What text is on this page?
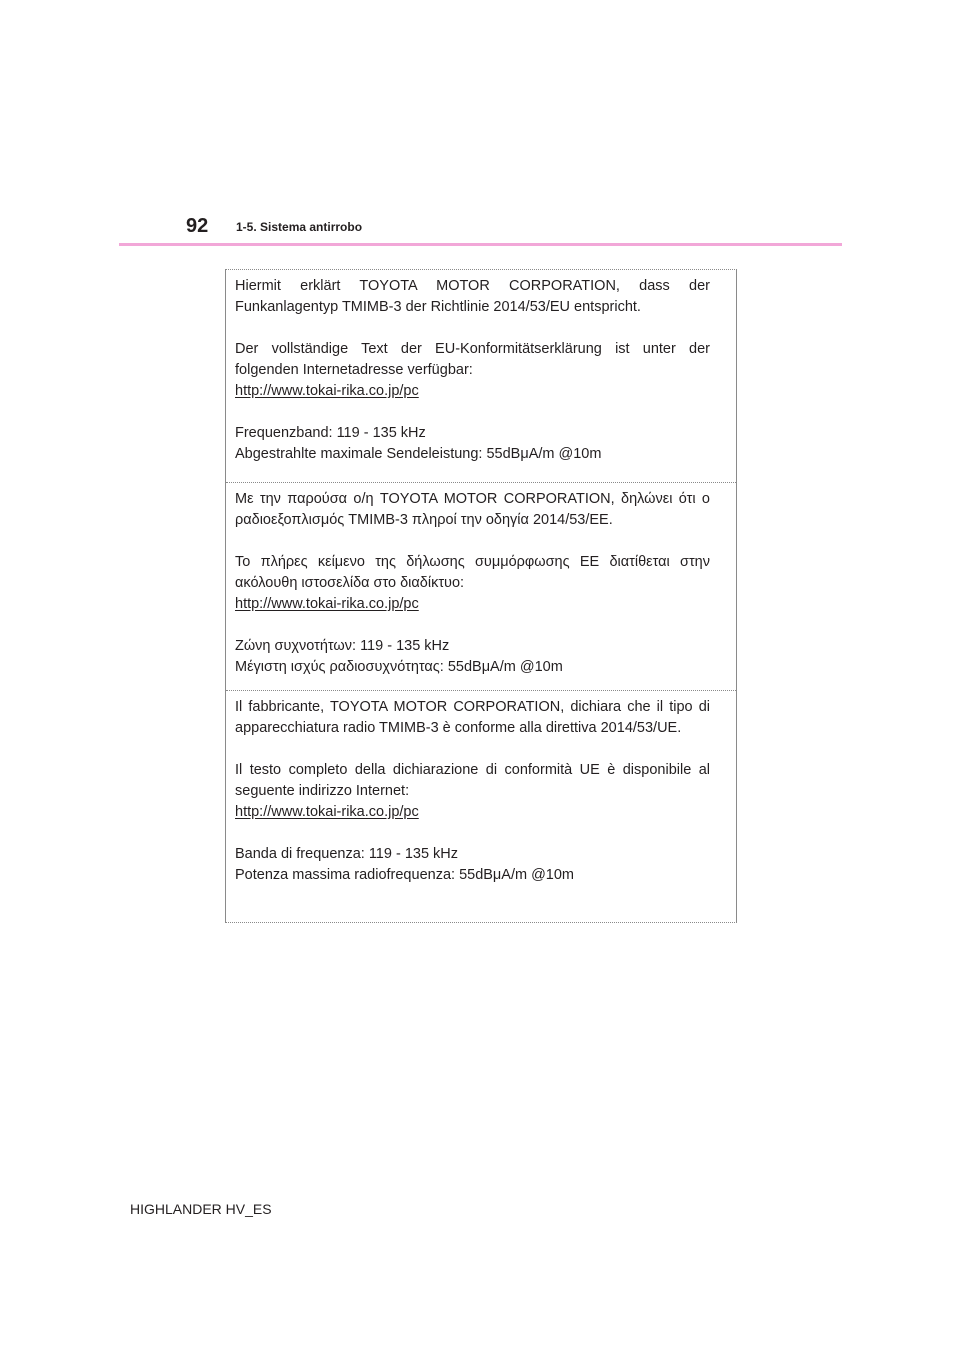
92 1-5. Sistema antirrobo

Hiermit erklärt TOYOTA MOTOR CORPORATION, dass der Funkanlagentyp TMIMB-3 der Richtlinie 2014/53/EU entspricht.

Der vollständige Text der EU-Konformitätserklärung ist unter der folgenden Internetadresse verfügbar:

http://www.tokai-rika.co.jp/pc

Frequenzband: 119 - 135 kHz

Abgestrahlte maximale Sendeleistung: 55dBμA/m @10m

Με την παρούσα ο/η TOYOTA MOTOR CORPORATION, δηλώνει ότι ο ραδιοεξοπλισμός TMIMB-3 πληροί την οδηγία 2014/53/ΕΕ.

Το πλήρες κείμενο της δήλωσης συμμόρφωσης ΕΕ διατίθεται στην ακόλουθη ιστοσελίδα στο διαδίκτυο:

http://www.tokai-rika.co.jp/pc

Ζώνη συχνοτήτων: 119 - 135 kHz

Μέγιστη ισχύς ραδιοσυχνότητας: 55dBμA/m @10m

Il fabbricante, TOYOTA MOTOR CORPORATION, dichiara che il tipo di apparecchiatura radio TMIMB-3 è conforme alla direttiva 2014/53/UE.

Il testo completo della dichiarazione di conformità UE è disponibile al seguente indirizzo Internet:

http://www.tokai-rika.co.jp/pc

Banda di frequenza: 119 - 135 kHz

Potenza massima radiofrequenza: 55dBμA/m @10m

HIGHLANDER HV_ES
